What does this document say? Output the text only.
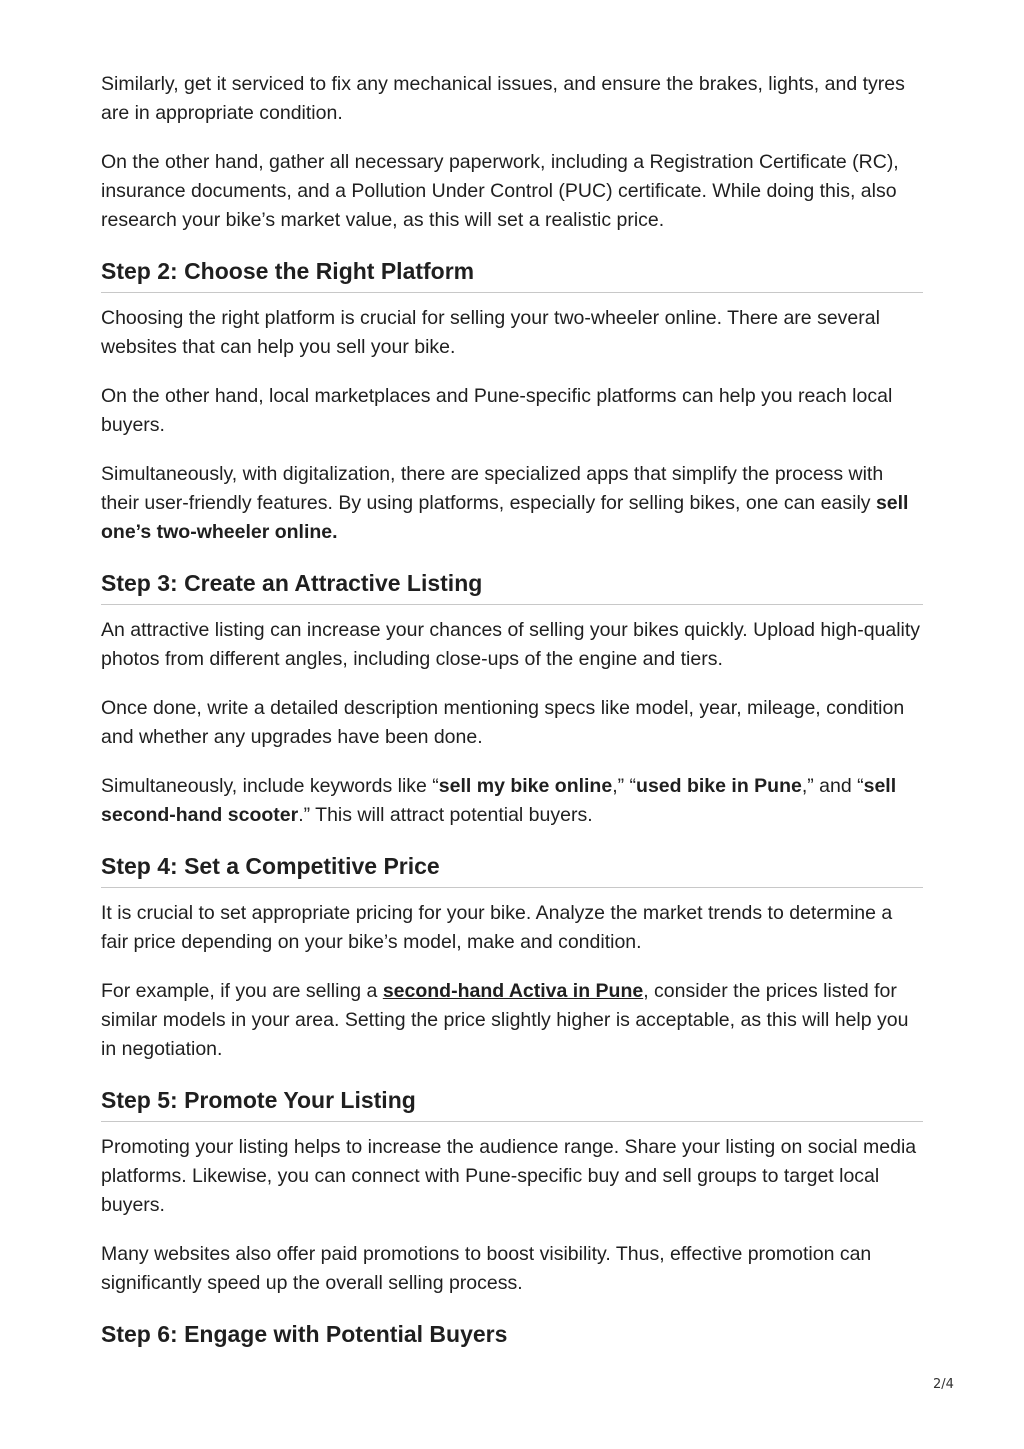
Similarly, get it serviced to fix any mechanical issues, and ensure the brakes, lights, and tyres are in appropriate condition.

On the other hand, gather all necessary paperwork, including a Registration Certificate (RC), insurance documents, and a Pollution Under Control (PUC) certificate. While doing this, also research your bike’s market value, as this will set a realistic price.

Step 2: Choose the Right Platform

Choosing the right platform is crucial for selling your two-wheeler online. There are several websites that can help you sell your bike.

On the other hand, local marketplaces and Pune-specific platforms can help you reach local buyers.

Simultaneously, with digitalization, there are specialized apps that simplify the process with their user-friendly features. By using platforms, especially for selling bikes, one can easily sell one’s two-wheeler online.

Step 3: Create an Attractive Listing

An attractive listing can increase your chances of selling your bikes quickly. Upload high-quality photos from different angles, including close-ups of the engine and tiers.

Once done, write a detailed description mentioning specs like model, year, mileage, condition and whether any upgrades have been done.

Simultaneously, include keywords like “sell my bike online,” “used bike in Pune,” and “sell second-hand scooter.” This will attract potential buyers.

Step 4: Set a Competitive Price

It is crucial to set appropriate pricing for your bike. Analyze the market trends to determine a fair price depending on your bike’s model, make and condition.

For example, if you are selling a second-hand Activa in Pune, consider the prices listed for similar models in your area. Setting the price slightly higher is acceptable, as this will help you in negotiation.

Step 5: Promote Your Listing

Promoting your listing helps to increase the audience range. Share your listing on social media platforms. Likewise, you can connect with Pune-specific buy and sell groups to target local buyers.

Many websites also offer paid promotions to boost visibility. Thus, effective promotion can significantly speed up the overall selling process.

Step 6: Engage with Potential Buyers
2/4
